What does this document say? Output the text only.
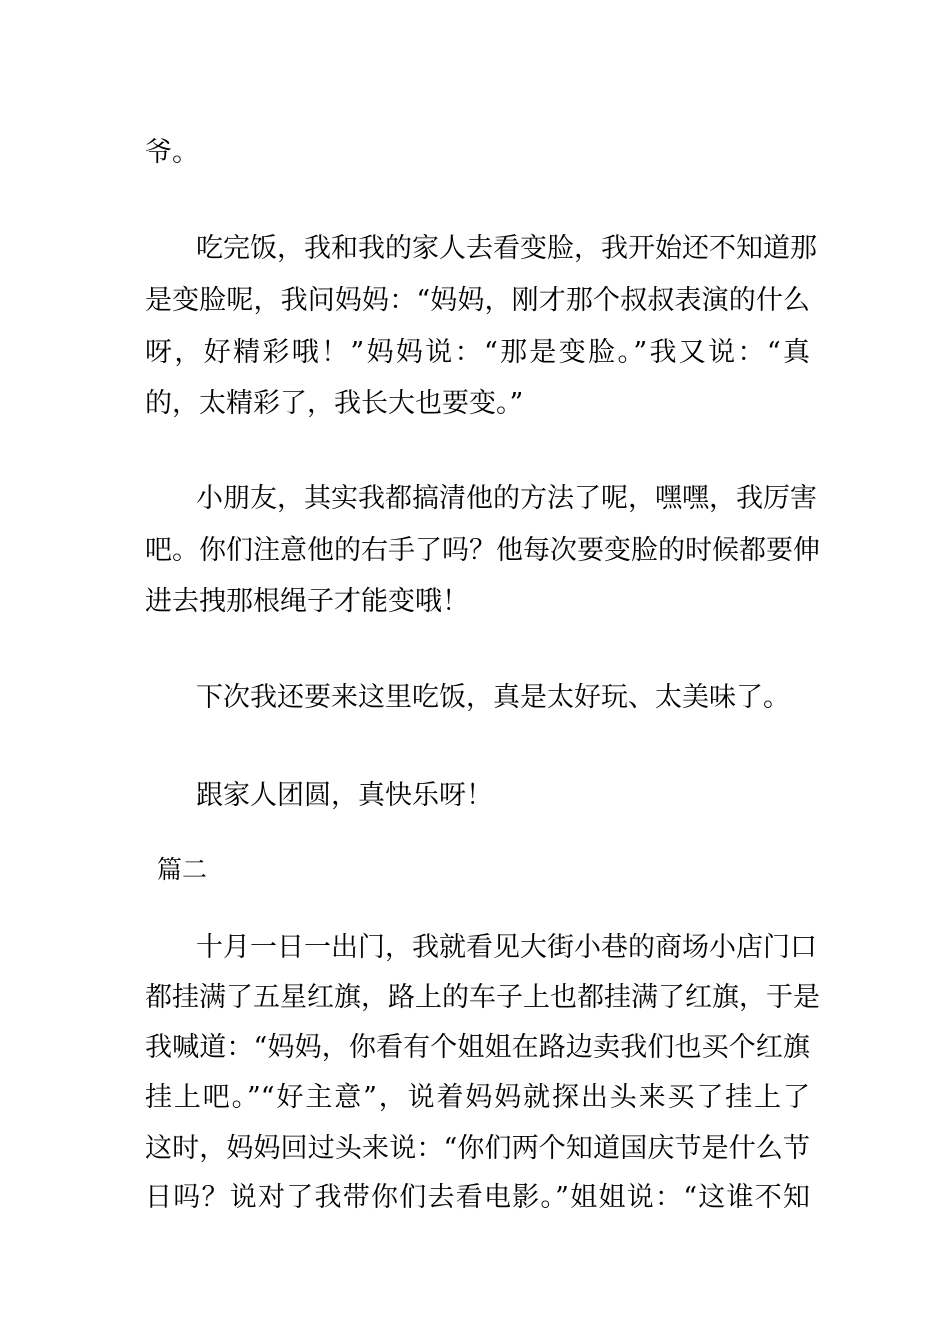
爷。
吃完饭，我和我的家人去看变脸，我开始还不知道那
是变脸呢，我问妈妈：“妈妈，刚才那个叔叔表演的什么
呀，好精彩哦！”妈妈说：“那是变脸。”我又说：“真
的，太精彩了，我长大也要变。”
小朋友，其实我都搞清他的方法了呢，嘿嘿，我厉害
吧。你们注意他的右手了吗？他每次要变脸的时候都要伸
进去拽那根绳子才能变哦！
下次我还要来这里吃饭，真是太好玩、太美味了。
跟家人团圆，真快乐呀！
篇二
十月一日一出门，我就看见大街小巷的商场小店门口
都挂满了五星红旗，路上的车子上也都挂满了红旗，于是
我喊道：“妈妈，你看有个姐姐在路边卖我们也买个红旗
挂上吧。”“好主意”，说着妈妈就探出头来买了挂上了
这时，妈妈回过头来说：“你们两个知道国庆节是什么节
日吗？说对了我带你们去看电影。”姐姐说：“这谁不知
